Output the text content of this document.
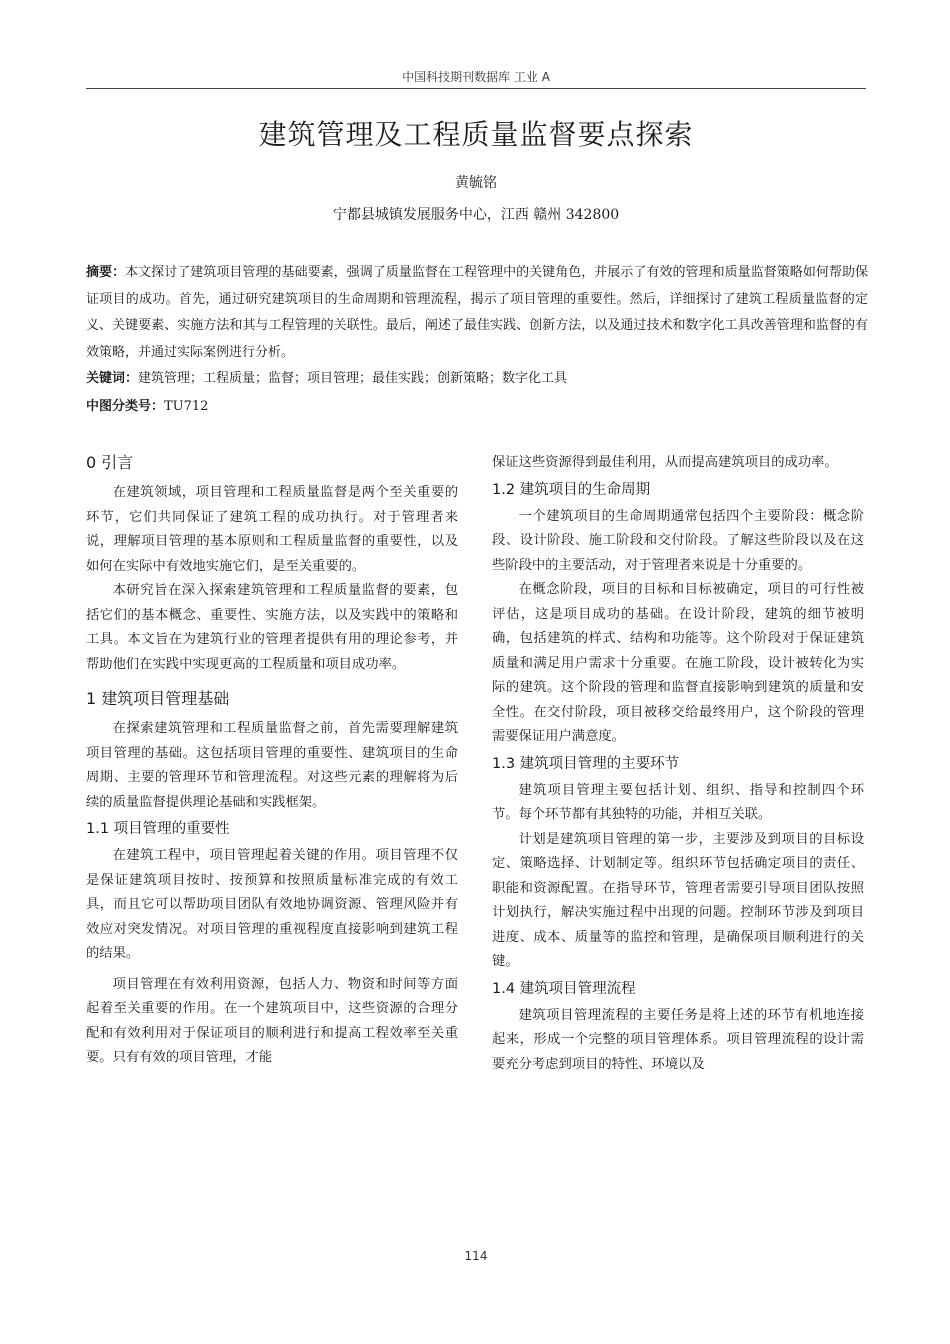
中国科技期刊数据库 工业 A
建筑管理及工程质量监督要点探索
黄毓铭
宁都县城镇发展服务中心，江西 赣州 342800
摘要：本文探讨了建筑项目管理的基础要素，强调了质量监督在工程管理中的关键角色，并展示了有效的管理和质量监督策略如何帮助保证项目的成功。首先，通过研究建筑项目的生命周期和管理流程，揭示了项目管理的重要性。然后，详细探讨了建筑工程质量监督的定义、关键要素、实施方法和其与工程管理的关联性。最后，阐述了最佳实践、创新方法，以及通过技术和数字化工具改善管理和监督的有效策略，并通过实际案例进行分析。
关键词：建筑管理；工程质量；监督；项目管理；最佳实践；创新策略；数字化工具
中图分类号：TU712
0 引言

在建筑领域，项目管理和工程质量监督是两个至关重要的环节，它们共同保证了建筑工程的成功执行。对于管理者来说，理解项目管理的基本原则和工程质量监督的重要性，以及如何在实际中有效地实施它们，是至关重要的。

本研究旨在深入探索建筑管理和工程质量监督的要素，包括它们的基本概念、重要性、实施方法，以及实践中的策略和工具。本文旨在为建筑行业的管理者提供有用的理论参考，并帮助他们在实践中实现更高的工程质量和项目成功率。

1 建筑项目管理基础

在探索建筑管理和工程质量监督之前，首先需要理解建筑项目管理的基础。这包括项目管理的重要性、建筑项目的生命周期、主要的管理环节和管理流程。对这些元素的理解将为后续的质量监督提供理论基础和实践框架。

1.1 项目管理的重要性

在建筑工程中，项目管理起着关键的作用。项目管理不仅是保证建筑项目按时、按预算和按照质量标准完成的有效工具，而且它可以帮助项目团队有效地协调资源、管理风险并有效应对突发情况。对项目管理的重视程度直接影响到建筑工程的结果。

项目管理在有效利用资源，包括人力、物资和时间等方面起着至关重要的作用。在一个建筑项目中，这些资源的合理分配和有效利用对于保证项目的顺利进行和提高工程效率至关重要。只有有效的项目管理，才能

保证这些资源得到最佳利用，从而提高建筑项目的成功率。

1.2 建筑项目的生命周期

一个建筑项目的生命周期通常包括四个主要阶段：概念阶段、设计阶段、施工阶段和交付阶段。了解这些阶段以及在这些阶段中的主要活动，对于管理者来说是十分重要的。

在概念阶段，项目的目标和目标被确定，项目的可行性被评估，这是项目成功的基础。在设计阶段，建筑的细节被明确，包括建筑的样式、结构和功能等。这个阶段对于保证建筑质量和满足用户需求十分重要。在施工阶段，设计被转化为实际的建筑。这个阶段的管理和监督直接影响到建筑的质量和安全性。在交付阶段，项目被移交给最终用户，这个阶段的管理需要保证用户满意度。

1.3 建筑项目管理的主要环节

建筑项目管理主要包括计划、组织、指导和控制四个环节。每个环节都有其独特的功能，并相互关联。

计划是建筑项目管理的第一步，主要涉及到项目的目标设定、策略选择、计划制定等。组织环节包括确定项目的责任、职能和资源配置。在指导环节，管理者需要引导项目团队按照计划执行，解决实施过程中出现的问题。控制环节涉及到项目进度、成本、质量等的监控和管理，是确保项目顺利进行的关键。

1.4 建筑项目管理流程

建筑项目管理流程的主要任务是将上述的环节有机地连接起来，形成一个完整的项目管理体系。项目管理流程的设计需要充分考虑到项目的特性、环境以及

114
